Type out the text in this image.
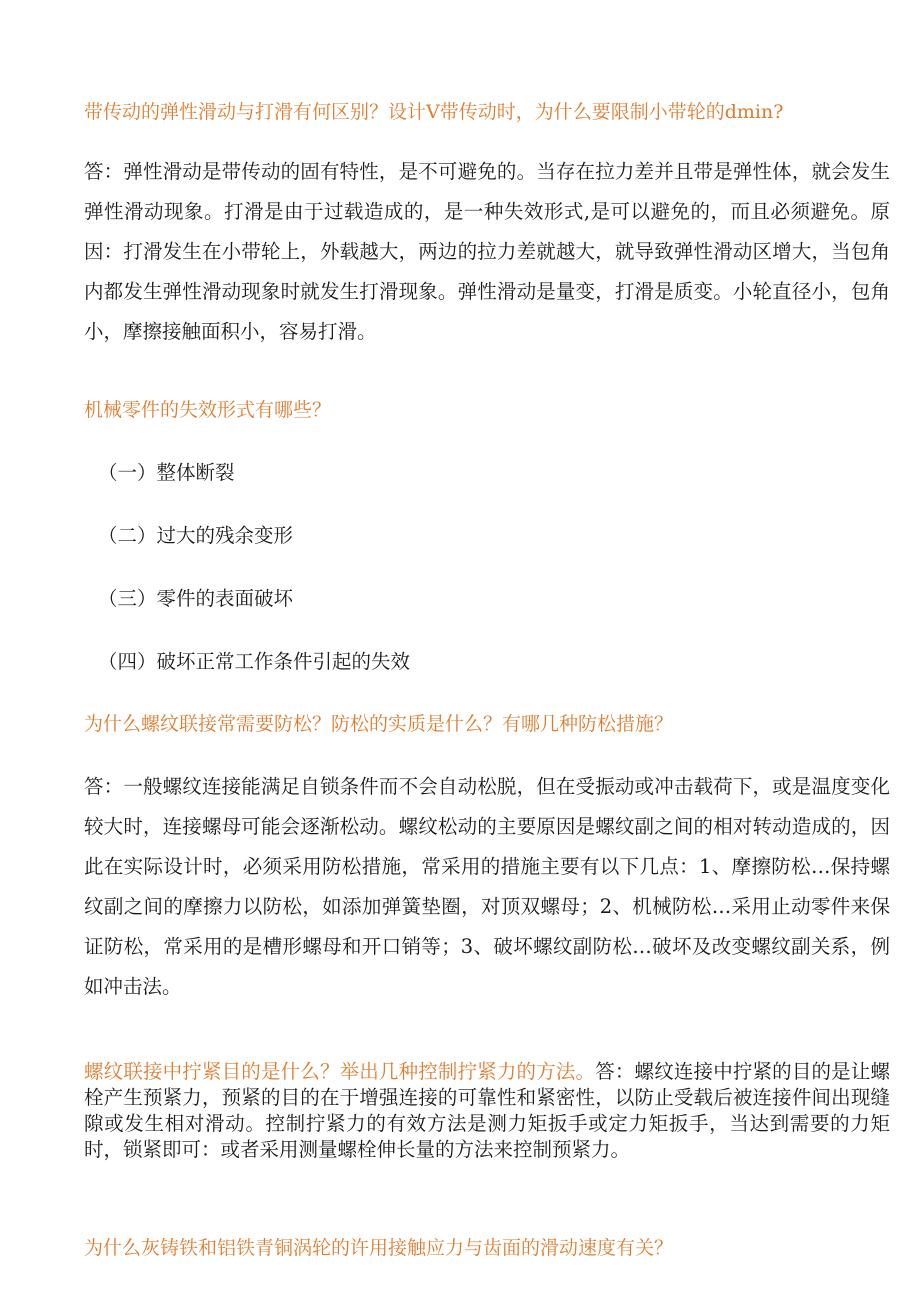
带传动的弹性滑动与打滑有何区别？设计V带传动时，为什么要限制小带轮的dmin?

答：弹性滑动是带传动的固有特性，是不可避免的。当存在拉力差并且带是弹性体，就会发生弹性滑动现象。打滑是由于过载造成的，是一种失效形式,是可以避免的，而且必须避免。原因：打滑发生在小带轮上，外载越大，两边的拉力差就越大，就导致弹性滑动区增大，当包角内都发生弹性滑动现象时就发生打滑现象。弹性滑动是量变，打滑是质变。小轮直径小，包角小，摩擦接触面积小，容易打滑。

机械零件的失效形式有哪些？

（一）整体断裂

（二）过大的残余变形

（三）零件的表面破坏

（四）破坏正常工作条件引起的失效

为什么螺纹联接常需要防松？防松的实质是什么？有哪几种防松措施？

答：一般螺纹连接能满足自锁条件而不会自动松脱，但在受振动或冲击载荷下，或是温度变化较大时，连接螺母可能会逐渐松动。螺纹松动的主要原因是螺纹副之间的相对转动造成的，因此在实际设计时，必须采用防松措施，常采用的措施主要有以下几点：1、摩擦防松…保持螺纹副之间的摩擦力以防松，如添加弹簧垫圈，对顶双螺母；2、机械防松…采用止动零件来保证防松，常采用的是槽形螺母和开口销等；3、破坏螺纹副防松…破坏及改变螺纹副关系，例如冲击法。

螺纹联接中拧紧目的是什么？举出几种控制拧紧力的方法。答：螺纹连接中拧紧的目的是让螺栓产生预紧力，预紧的目的在于增强连接的可靠性和紧密性，以防止受载后被连接件间出现缝隙或发生相对滑动。控制拧紧力的有效方法是测力矩扳手或定力矩扳手，当达到需要的力矩时，锁紧即可：或者采用测量螺栓伸长量的方法来控制预紧力。

为什么灰铸铁和铝铁青铜涡轮的许用接触应力与齿面的滑动速度有关？
